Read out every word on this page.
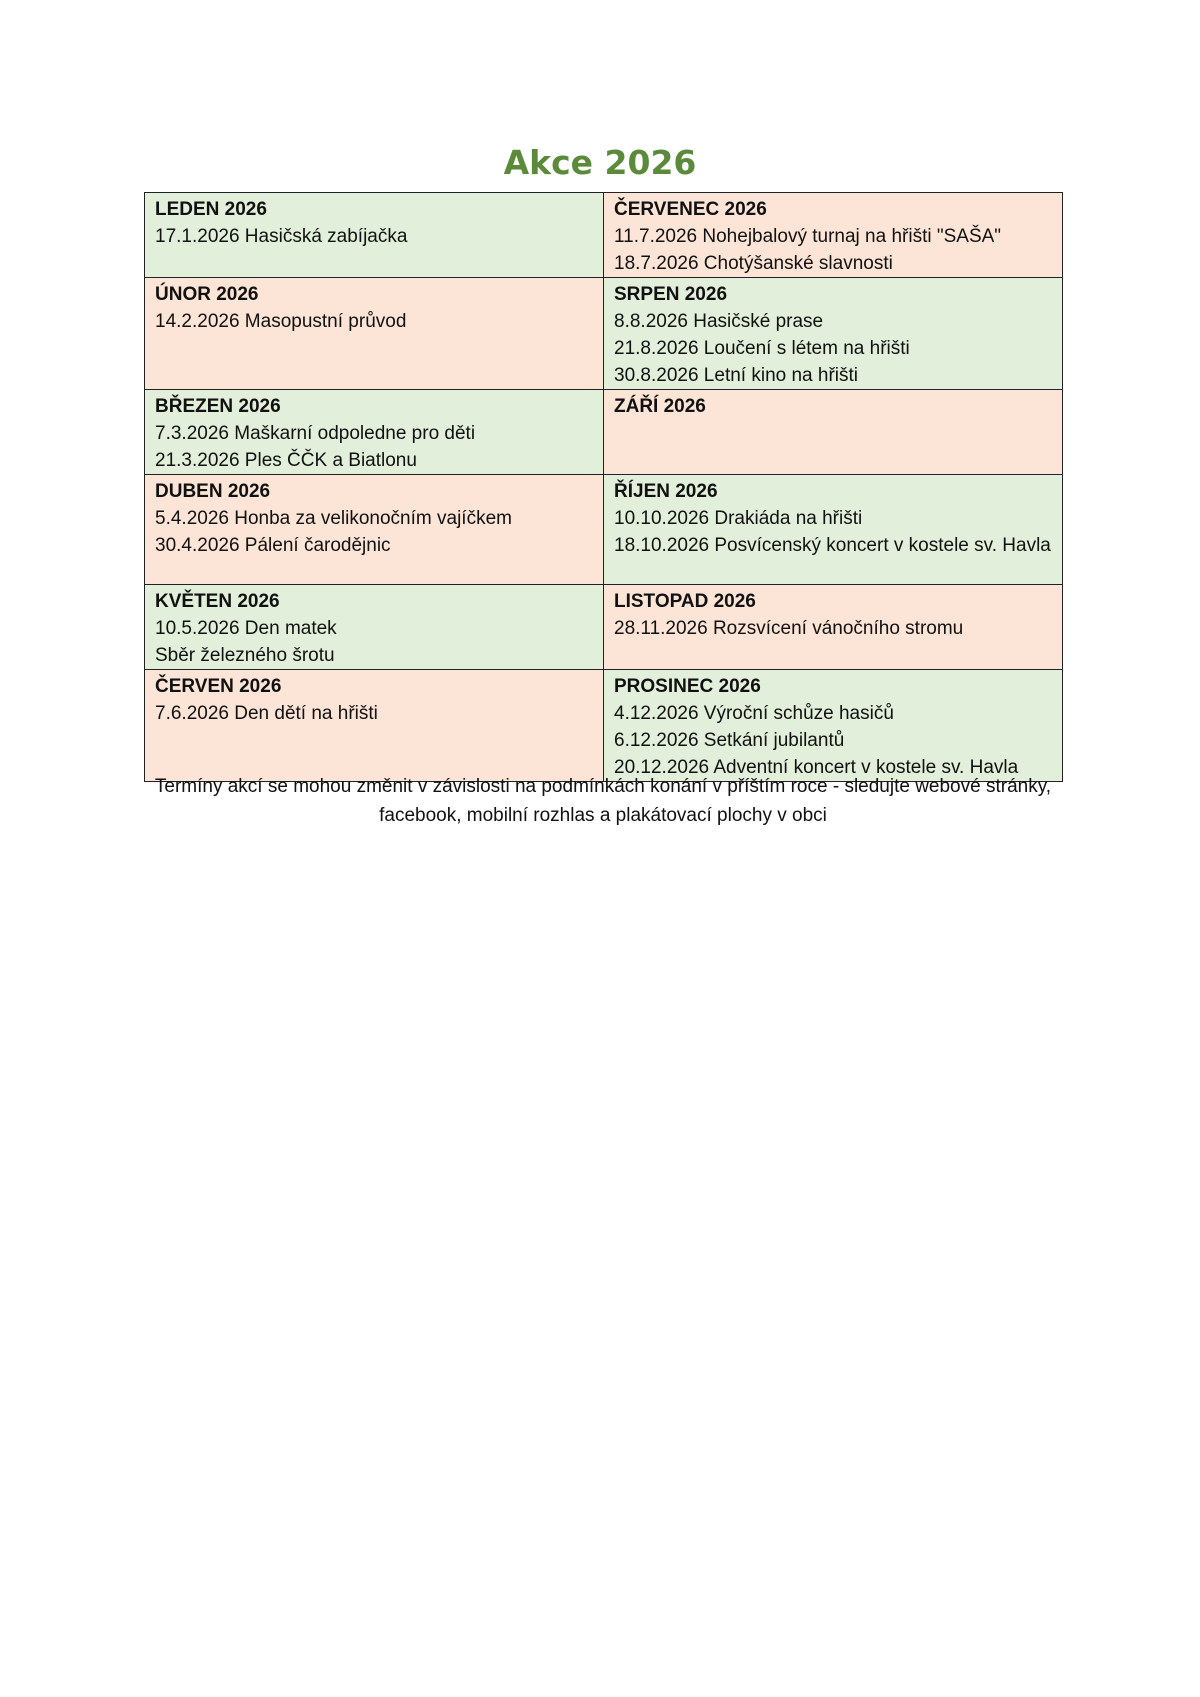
Akce 2026
LEDEN 2026
17.1.2026 Hasičská zabíjačka	ČERVENEC 2026
11.7.2026 Nohejbalový turnaj na hřišti "SAŠA"
18.7.2026 Chotýšanské slavnosti

ÚNOR 2026
14.2.2026 Masopustní průvod	SRPEN 2026
8.8.2026 Hasičské prase
21.8.2026 Loučení s létem na hřišti
30.8.2026 Letní kino na hřišti

BŘEZEN 2026
7.3.2026 Maškarní odpoledne pro děti
21.3.2026 Ples ČČK a Biatlonu	ZÁŘÍ 2026

DUBEN 2026
5.4.2026 Honba za velikonočním vajíčkem
30.4.2026 Pálení čarodějnic	ŘÍJEN 2026
10.10.2026 Drakiáda na hřišti
18.10.2026 Posvícenský koncert v kostele sv. Havla

KVĚTEN 2026
10.5.2026 Den matek
Sběr železného šrotu	LISTOPAD 2026
28.11.2026 Rozsvícení vánočního stromu

ČERVEN 2026
7.6.2026 Den dětí na hřišti	PROSINEC 2026
4.12.2026 Výroční schůze hasičů
6.12.2026 Setkání jubilantů
20.12.2026 Adventní koncert v kostele sv. Havla

Termíny akcí se mohou změnit v závislosti na podmínkách konání v příštím roce - sledujte webové stránky, facebook, mobilní rozhlas a plakátovací plochy v obci
